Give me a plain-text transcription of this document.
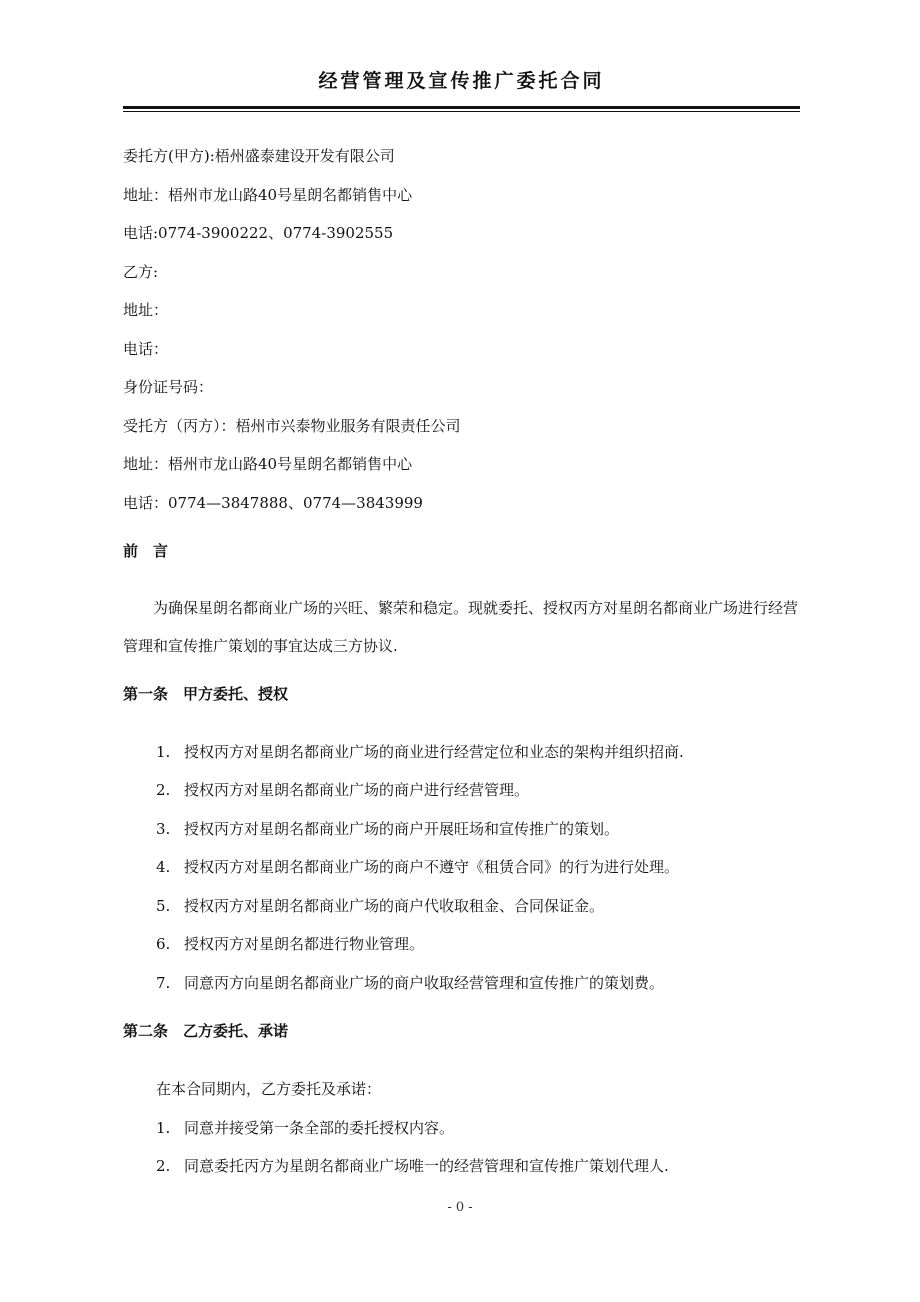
经营管理及宣传推广委托合同
委托方(甲方):梧州盛泰建设开发有限公司
地址：梧州市龙山路40号星朗名都销售中心
电话:0774-3900222、0774-3902555
乙方:
地址：
电话：
身份证号码：
受托方（丙方）：梧州市兴泰物业服务有限责任公司
地址：梧州市龙山路40号星朗名都销售中心
电话：0774—3847888、0774—3843999
前　言
为确保星朗名都商业广场的兴旺、繁荣和稳定。现就委托、授权丙方对星朗名都商业广场进行经营管理和宣传推广策划的事宜达成三方协议.
第一条　甲方委托、授权
1. 授权丙方对星朗名都商业广场的商业进行经营定位和业态的架构并组织招商.
2. 授权丙方对星朗名都商业广场的商户进行经营管理。
3. 授权丙方对星朗名都商业广场的商户开展旺场和宣传推广的策划。
4. 授权丙方对星朗名都商业广场的商户不遵守《租赁合同》的行为进行处理。
5. 授权丙方对星朗名都商业广场的商户代收取租金、合同保证金。
6. 授权丙方对星朗名都进行物业管理。
7. 同意丙方向星朗名都商业广场的商户收取经营管理和宣传推广的策划费。
第二条　乙方委托、承诺
在本合同期内，乙方委托及承诺：
1. 同意并接受第一条全部的委托授权内容。
2. 同意委托丙方为星朗名都商业广场唯一的经营管理和宣传推广策划代理人.
- 0 -
